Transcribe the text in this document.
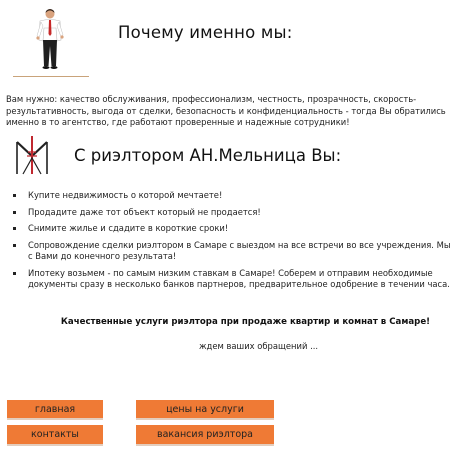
Почему именно мы:
Вам нужно: качество обслуживания, профессионализм, честность, прозрачность, скорость-результативность, выгода от сделки, безопасность и конфиденциальность - тогда Вы обратились именно в то агентство, где работают проверенные и надежные сотрудники!
С риэлтором АН.Мельница Вы:
Купите недвижимость о которой мечтаете!
Продадите даже тот объект который не продается!
Снимите жилье и сдадите в короткие сроки!
Сопровождение сделки риэлтором в Самаре с выездом на все встречи во все учреждения. Мы с Вами до конечного результата!
Ипотеку возьмем - по самым низким ставкам в Самаре! Соберем и отправим необходимые документы сразу в несколько банков партнеров, предварительное одобрение в течении часа.
Качественные услуги риэлтора при продаже квартир и комнат в Самаре!
ждем ваших обращений ...
главная	цены на услуги
контакты	вакансия риэлтора
